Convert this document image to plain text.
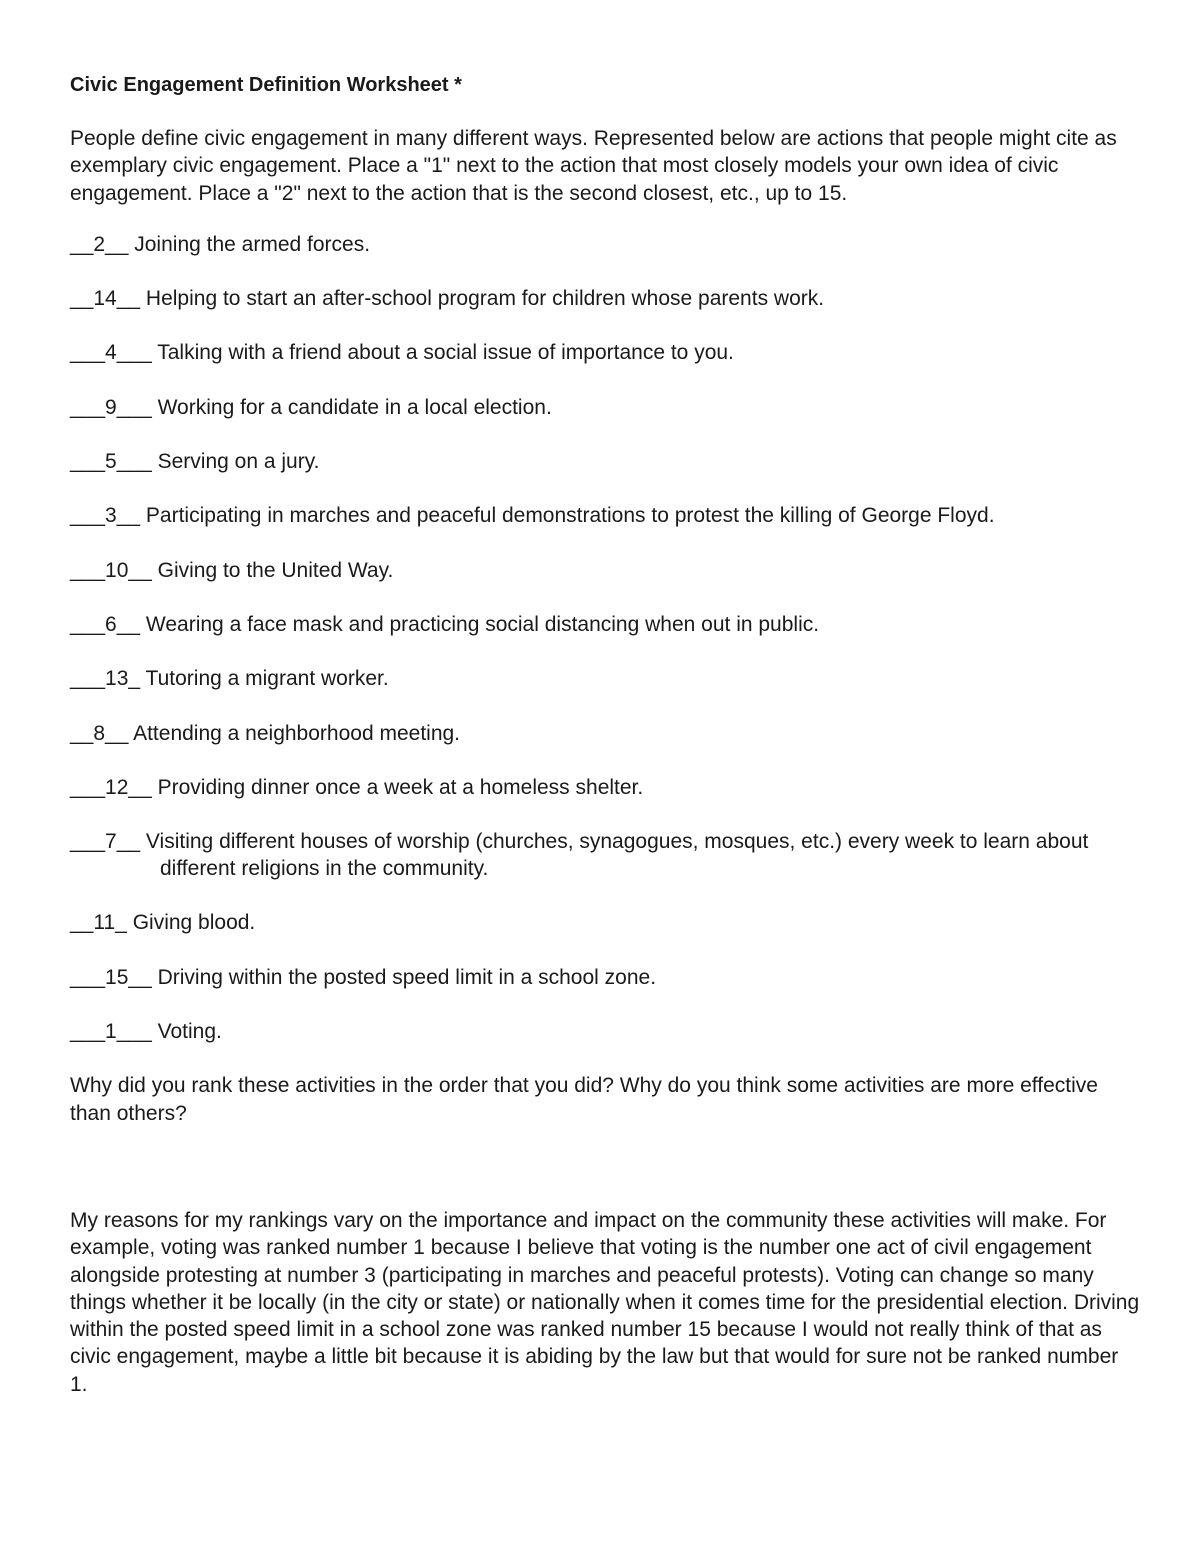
Civic Engagement Definition Worksheet *

People define civic engagement in many different ways. Represented below are actions that people might cite as exemplary civic engagement. Place a "1" next to the action that most closely models your own idea of civic engagement. Place a "2" next to the action that is the second closest, etc., up to 15.

__2__ Joining the armed forces.
__14__ Helping to start an after-school program for children whose parents work.
___4___ Talking with a friend about a social issue of importance to you.
___9___ Working for a candidate in a local election.
___5___ Serving on a jury.
___3__ Participating in marches and peaceful demonstrations to protest the killing of George Floyd.
___10__ Giving to the United Way.
___6__ Wearing a face mask and practicing social distancing when out in public.
___13_ Tutoring a migrant worker.
__8__ Attending a neighborhood meeting.
___12__ Providing dinner once a week at a homeless shelter.
___7__ Visiting different houses of worship (churches, synagogues, mosques, etc.) every week to learn about different religions in the community.
__11_ Giving blood.
___15__ Driving within the posted speed limit in a school zone.
___1___ Voting.

Why did you rank these activities in the order that you did? Why do you think some activities are more effective than others?

My reasons for my rankings vary on the importance and impact on the community these activities will make. For example, voting was ranked number 1 because I believe that voting is the number one act of civil engagement alongside protesting at number 3 (participating in marches and peaceful protests). Voting can change so many things whether it be locally (in the city or state) or nationally when it comes time for the presidential election. Driving within the posted speed limit in a school zone was ranked number 15 because I would not really think of that as civic engagement, maybe a little bit because it is abiding by the law but that would for sure not be ranked number 1.
